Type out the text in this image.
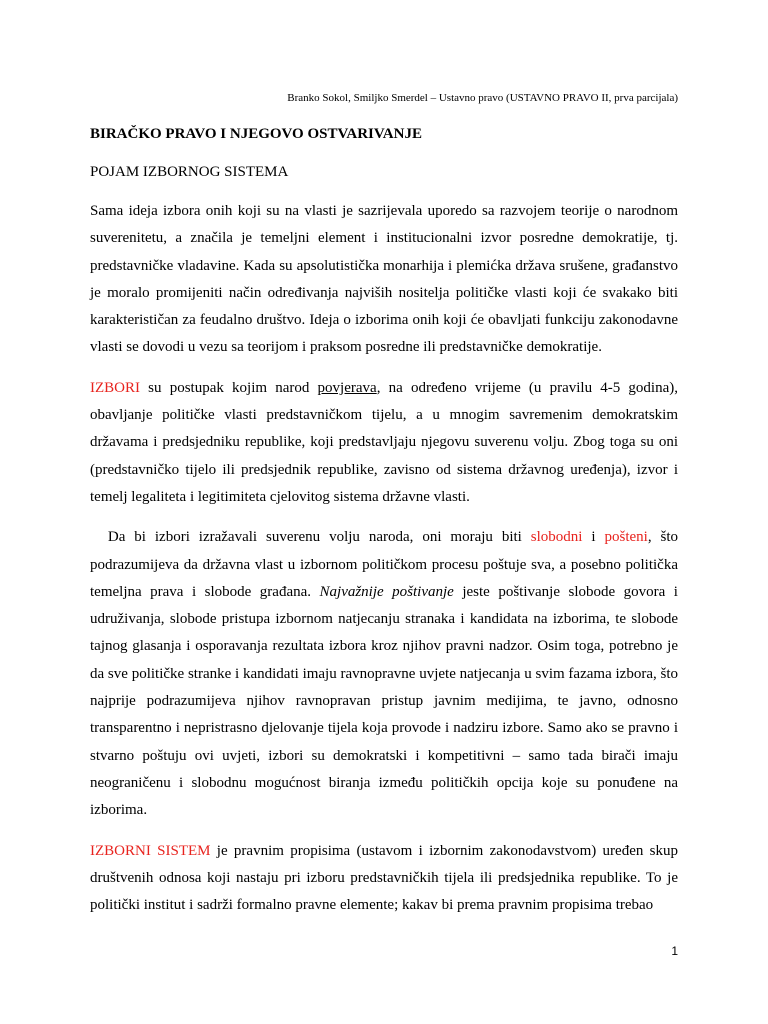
Branko Sokol, Smiljko Smerdel – Ustavno pravo (USTAVNO PRAVO II, prva parcijala)
BIRAČKO PRAVO I NJEGOVO OSTVARIVANJE
POJAM IZBORNOG SISTEMA

Sama ideja izbora onih koji su na vlasti je sazrijevala uporedo sa razvojem teorije o narodnom suverenitetu, a značila je temeljni element i institucionalni izvor posredne demokratije, tj. predstavničke vladavine. Kada su apsolutistička monarhija i plemićka država srušene, građanstvo je moralo promijeniti način određivanja najviših nositelja političke vlasti koji će svakako biti karakterističan za feudalno društvo. Ideja o izborima onih koji će obavljati funkciju zakonodavne vlasti se dovodi u vezu sa teorijom i praksom posredne ili predstavničke demokratije.

IZBORI su postupak kojim narod povjerava, na određeno vrijeme (u pravilu 4-5 godina), obavljanje političke vlasti predstavničkom tijelu, a u mnogim savremenim demokratskim državama i predsjedniku republike, koji predstavljaju njegovu suverenu volju. Zbog toga su oni (predstavničko tijelo ili predsjednik republike, zavisno od sistema državnog uređenja), izvor i temelj legaliteta i legitimiteta cjelovitog sistema državne vlasti.

Da bi izbori izražavali suverenu volju naroda, oni moraju biti slobodni i pošteni, što podrazumijeva da državna vlast u izbornom političkom procesu poštuje sva, a posebno politička temeljna prava i slobode građana. Najvažnije poštivanje jeste poštivanje slobode govora i udruživanja, slobode pristupa izbornom natjecanju stranaka i kandidata na izborima, te slobode tajnog glasanja i osporavanja rezultata izbora kroz njihov pravni nadzor. Osim toga, potrebno je da sve političke stranke i kandidati imaju ravnopravne uvjete natjecanja u svim fazama izbora, što najprije podrazumijeva njihov ravnopravan pristup javnim medijima, te javno, odnosno transparentno i nepristrasno djelovanje tijela koja provode i nadziru izbore. Samo ako se pravno i stvarno poštuju ovi uvjeti, izbori su demokratski i kompetitivni – samo tada birači imaju neograničenu i slobodnu mogućnost biranja između političkih opcija koje su ponuđene na izborima.

IZBORNI SISTEM je pravnim propisima (ustavom i izbornim zakonodavstvom) uređen skup društvenih odnosa koji nastaju pri izboru predstavničkih tijela ili predsjednika republike. To je politički institut i sadrži formalno pravne elemente; kakav bi prema pravnim propisima trebao

1
